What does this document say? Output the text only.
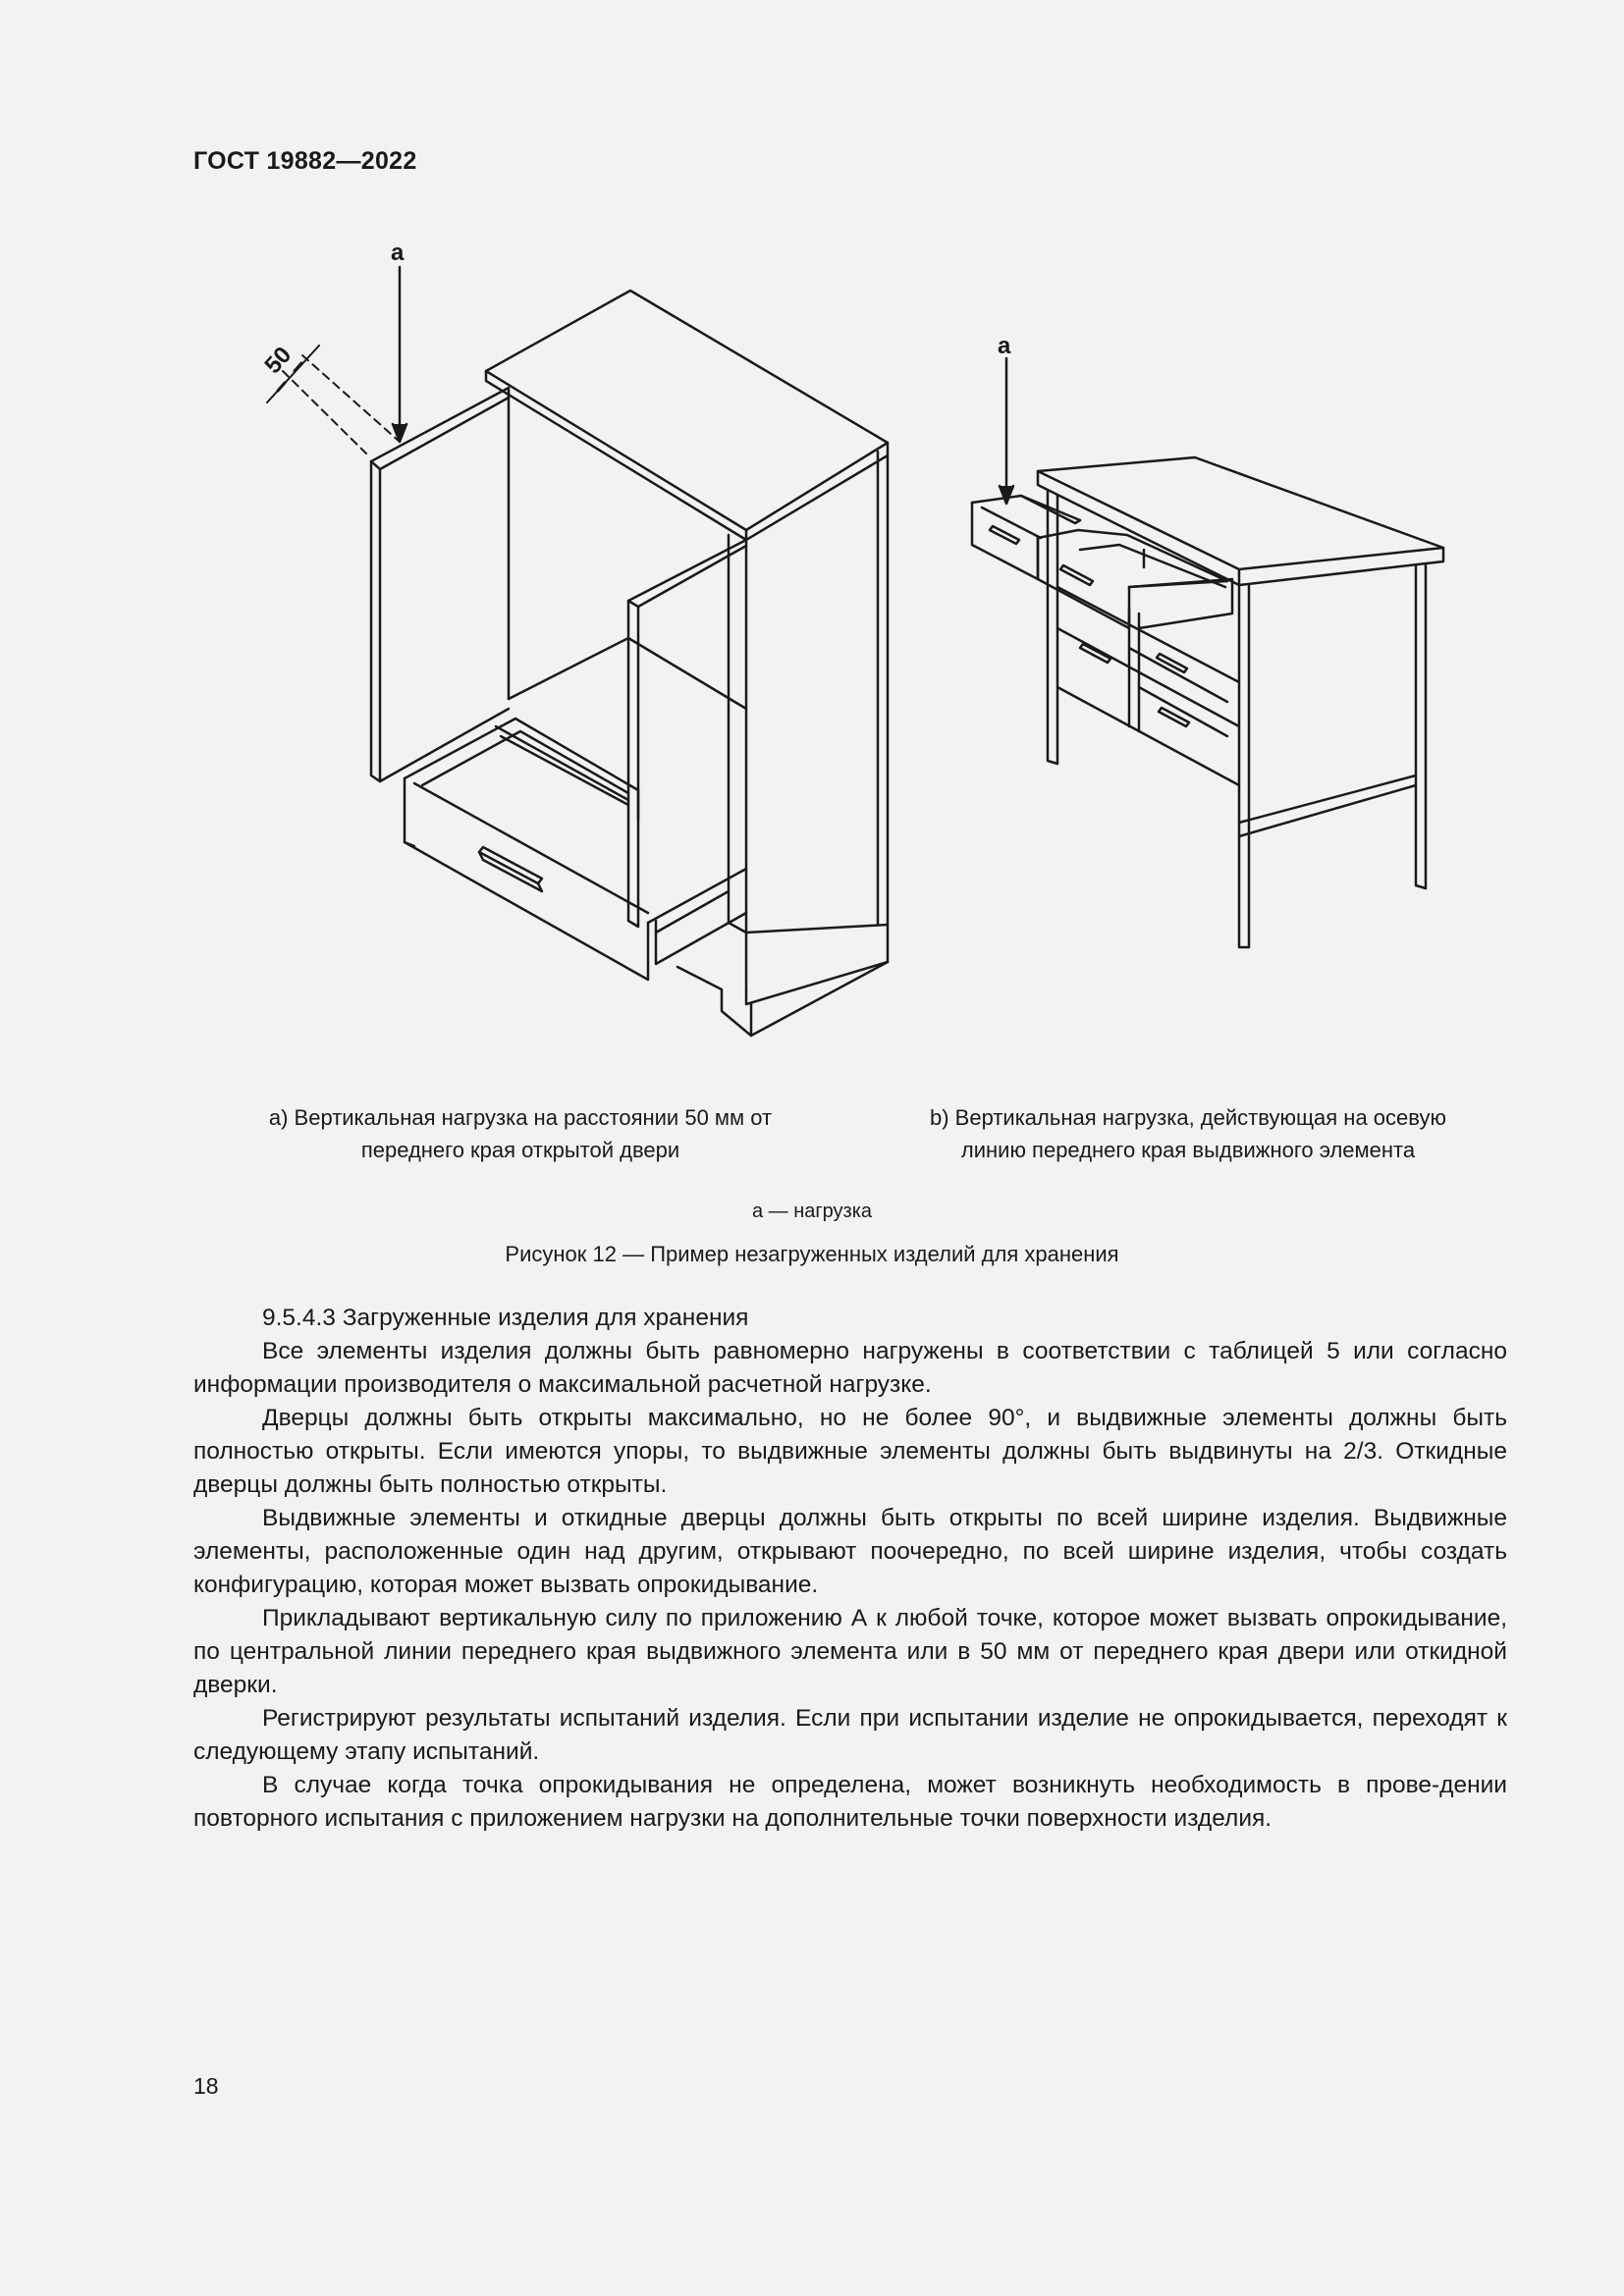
ГОСТ 19882—2022
a
50	a
a) Вертикальная нагрузка на расстоянии 50 мм от
переднего края открытой двери
b) Вертикальная нагрузка, действующая на осевую
линию переднего края выдвижного элемента
a — нагрузка
Рисунок 12 — Пример незагруженных изделий для хранения

9.5.4.3 Загруженные изделия для хранения

Все элементы изделия должны быть равномерно нагружены в соответствии с таблицей 5 или согласно информации производителя о максимальной расчетной нагрузке.

Дверцы должны быть открыты максимально, но не более 90°, и выдвижные элементы должны быть полностью открыты. Если имеются упоры, то выдвижные элементы должны быть выдвинуты на 2/3. Откидные дверцы должны быть полностью открыты.

Выдвижные элементы и откидные дверцы должны быть открыты по всей ширине изделия. Выдвижные элементы, расположенные один над другим, открывают поочередно, по всей ширине изделия, чтобы создать конфигурацию, которая может вызвать опрокидывание.

Прикладывают вертикальную силу по приложению А к любой точке, которое может вызвать опрокидывание, по центральной линии переднего края выдвижного элемента или в 50 мм от переднего края двери или откидной дверки.

Регистрируют результаты испытаний изделия. Если при испытании изделие не опрокидывается, переходят к следующему этапу испытаний.

В случае когда точка опрокидывания не определена, может возникнуть необходимость в прове-дении повторного испытания с приложением нагрузки на дополнительные точки поверхности изделия.

18
